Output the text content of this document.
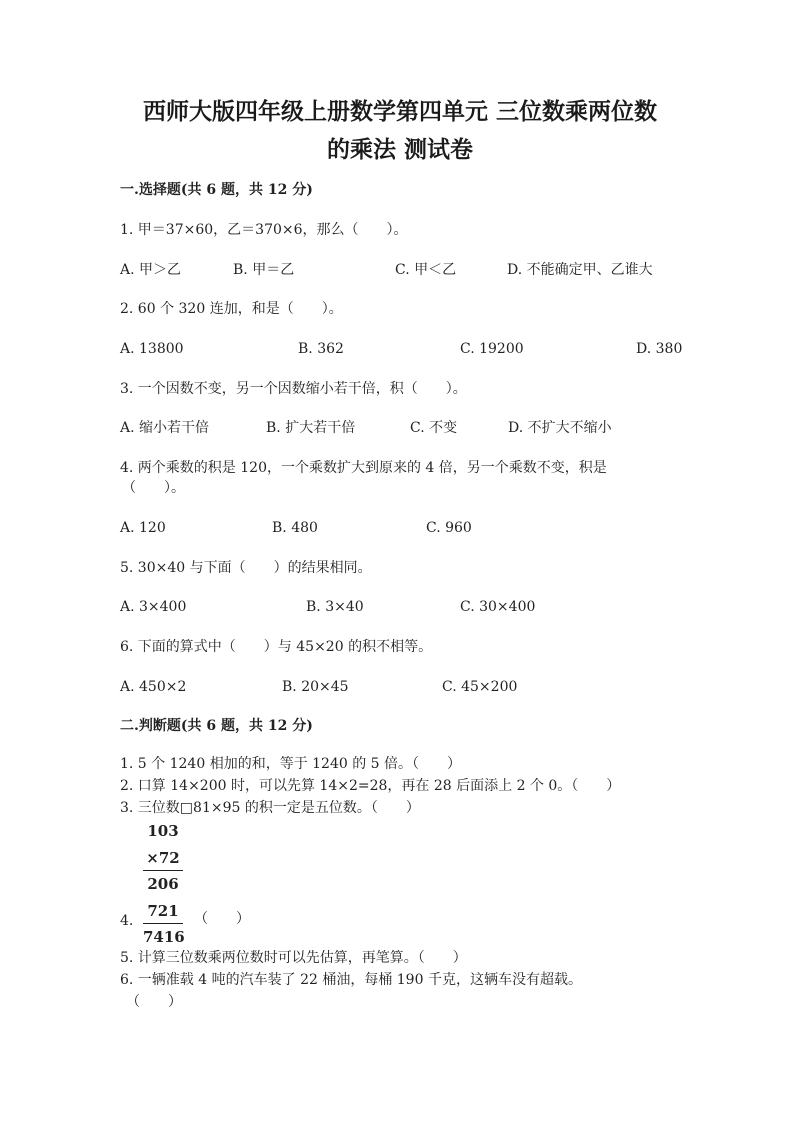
西师大版四年级上册数学第四单元 三位数乘两位数
的乘法 测试卷
一.选择题(共 6 题，共 12 分)
1. 甲＝37×60，乙＝370×6，那么（　　）。
A. 甲＞乙	B. 甲＝乙	C. 甲＜乙	D. 不能确定甲、乙谁大
2. 60 个 320 连加，和是（　　）。
A. 13800	B. 362	C. 19200	D. 380
3. 一个因数不变，另一个因数缩小若干倍，积（　　）。
A. 缩小若干倍	B. 扩大若干倍	C. 不变	D. 不扩大不缩小
4. 两个乘数的积是 120，一个乘数扩大到原来的 4 倍，另一个乘数不变，积是
（　　）。
A. 120	B. 480	C. 960
5. 30×40 与下面（　　）的结果相同。
A. 3×400	B. 3×40	C. 30×400
6. 下面的算式中（　　）与 45×20 的积不相等。
A. 450×2	B. 20×45	C. 45×200
二.判断题(共 6 题，共 12 分)
1. 5 个 1240 相加的和，等于 1240 的 5 倍。（　　）
2. 口算 14×200 时，可以先算 14×2=28，再在 28 后面添上 2 个 0。（　　）
3. 三位数□81×95 的积一定是五位数。（　　）
103
×72
206
4.
721
7416
（　　）
5. 计算三位数乘两位数时可以先估算，再笔算。（　　）
6. 一辆准载 4 吨的汽车装了 22 桶油，每桶 190 千克，这辆车没有超载。
（　　）
